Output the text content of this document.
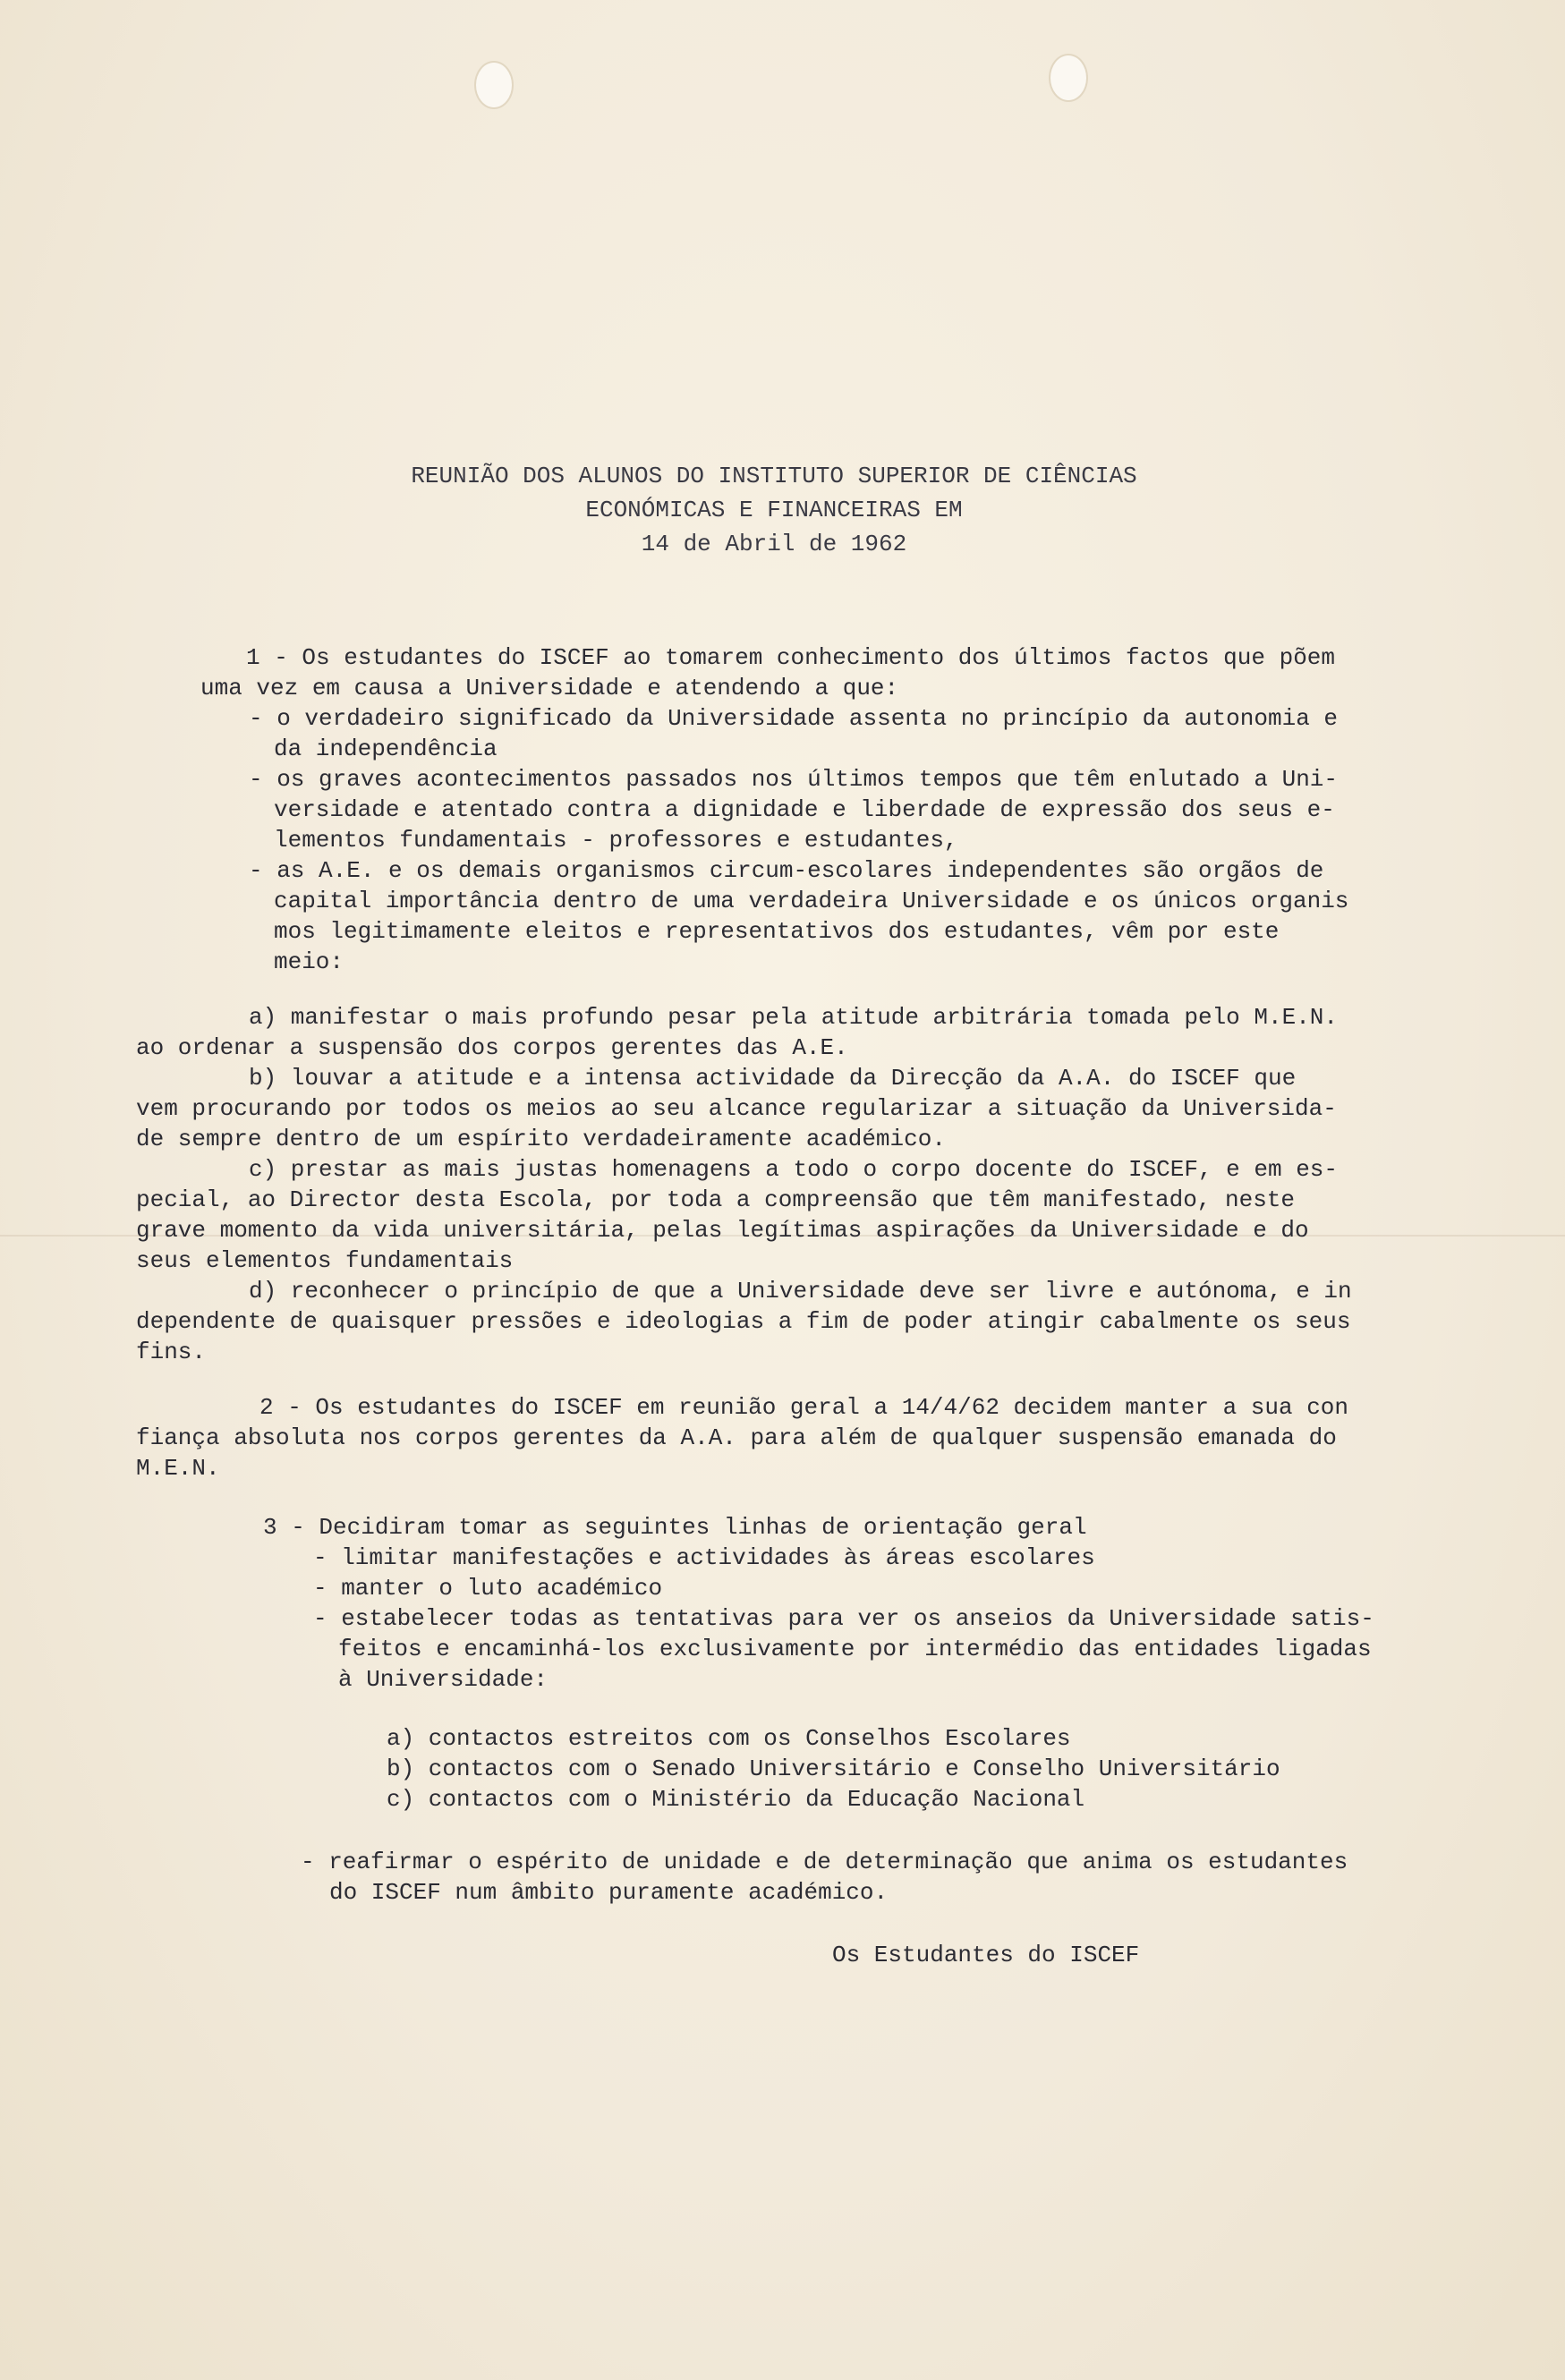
REUNIÃO DOS ALUNOS DO INSTITUTO SUPERIOR DE CIÊNCIAS
ECONÓMICAS E FINANCEIRAS EM
14 de Abril de 1962
1 - Os estudantes do ISCEF ao tomarem conhecimento dos últimos factos que põem
uma vez em causa a Universidade e atendendo a que:
- o verdadeiro significado da Universidade assenta no princípio da autonomia e
da independência
- os graves acontecimentos passados nos últimos tempos que têm enlutado a Uni-
versidade e atentado contra a dignidade e liberdade de expressão dos seus e-
lementos fundamentais - professores e estudantes,
- as A.E. e os demais organismos circum-escolares independentes são orgãos de
capital importância dentro de uma verdadeira Universidade e os únicos organis
mos legitimamente eleitos e representativos dos estudantes, vêm por este
meio:
a) manifestar o mais profundo pesar pela atitude arbitrária tomada pelo M.E.N.
ao ordenar a suspensão dos corpos gerentes das A.E.
b) louvar a atitude e a intensa actividade da Direcção da A.A. do ISCEF que
vem procurando por todos os meios ao seu alcance regularizar a situação da Universida-
de sempre dentro de um espírito verdadeiramente académico.
c) prestar as mais justas homenagens a todo o corpo docente do ISCEF, e em es-
pecial, ao Director desta Escola, por toda a compreensão que têm manifestado, neste
grave momento da vida universitária, pelas legítimas aspirações da Universidade e do
seus elementos fundamentais
d) reconhecer o princípio de que a Universidade deve ser livre e autónoma, e in
dependente de quaisquer pressões e ideologias a fim de poder atingir cabalmente os seus
fins.
2 - Os estudantes do ISCEF em reunião geral a 14/4/62 decidem manter a sua con
fiança absoluta nos corpos gerentes da A.A. para além de qualquer suspensão emanada do
M.E.N.
3 - Decidiram tomar as seguintes linhas de orientação geral
- limitar manifestações e actividades às áreas escolares
- manter o luto académico
- estabelecer todas as tentativas para ver os anseios da Universidade satis-
feitos e encaminhá-los exclusivamente por intermédio das entidades ligadas
à Universidade:
a) contactos estreitos com os Conselhos Escolares
b) contactos com o Senado Universitário e Conselho Universitário
c) contactos com o Ministério da Educação Nacional
- reafirmar o espérito de unidade e de determinação que anima os estudantes
do ISCEF num âmbito puramente académico.
Os Estudantes do ISCEF
